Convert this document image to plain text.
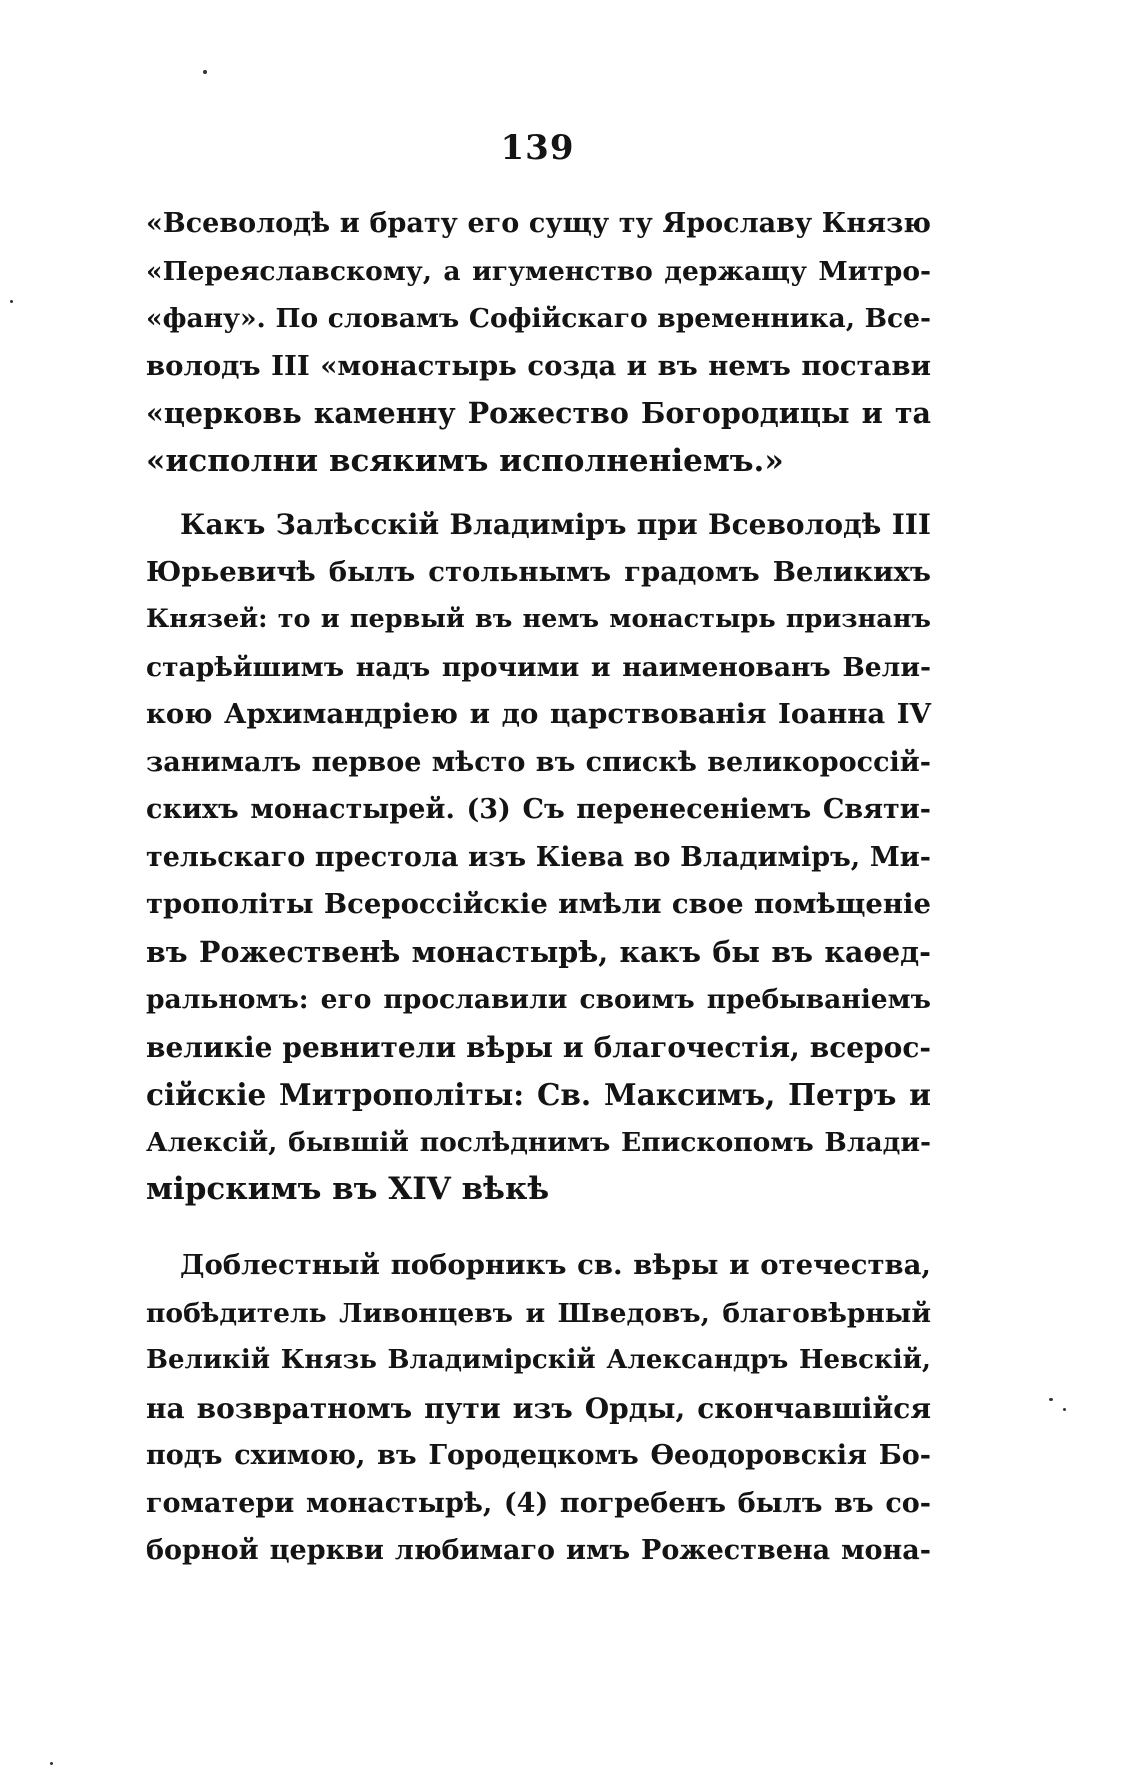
139
«Всеволодѣ и брату его сущу ту Ярославу Князю
«Переяславскому, а игуменство держащу Митро-
«фану». По словамъ Софійскаго временника, Все-
володъ III «монастырь созда и въ немъ постави
«церковь каменну Рожество Богородицы и та
«исполни всякимъ исполненіемъ.»
Какъ Залѣсскій Владиміръ при Всеволодѣ III
Юрьевичѣ былъ стольнымъ градомъ Великихъ
Князей: то и первый въ немъ монастырь признанъ
старѣйшимъ надъ прочими и наименованъ Вели-
кою Архимандріею и до царствованія Іоанна IV
занималъ первое мѣсто въ спискѣ великороссій-
скихъ монастырей. (3) Съ перенесеніемъ Святи-
тельскаго престола изъ Кіева во Владиміръ, Ми-
трополіты Всероссійскіе имѣли свое помѣщеніе
въ Рожественѣ монастырѣ, какъ бы въ каѳед-
ральномъ: его прославили своимъ пребываніемъ
великіе ревнители вѣры и благочестія, всерос-
сійскіе Митрополіты: Св. Максимъ, Петръ и
Алексій, бывшій послѣднимъ Епископомъ Влади-
мірскимъ въ XIV вѣкѣ
Доблестный поборникъ св. вѣры и отечества,
побѣдитель Ливонцевъ и Шведовъ, благовѣрный
Великій Князь Владимірскій Александръ Невскій,
на возвратномъ пути изъ Орды, скончавшійся
подъ схимою, въ Городецкомъ Ѳеодоровскія Бо-
гоматери монастырѣ, (4) погребенъ былъ въ со-
борной церкви любимаго имъ Рожествена мона-
